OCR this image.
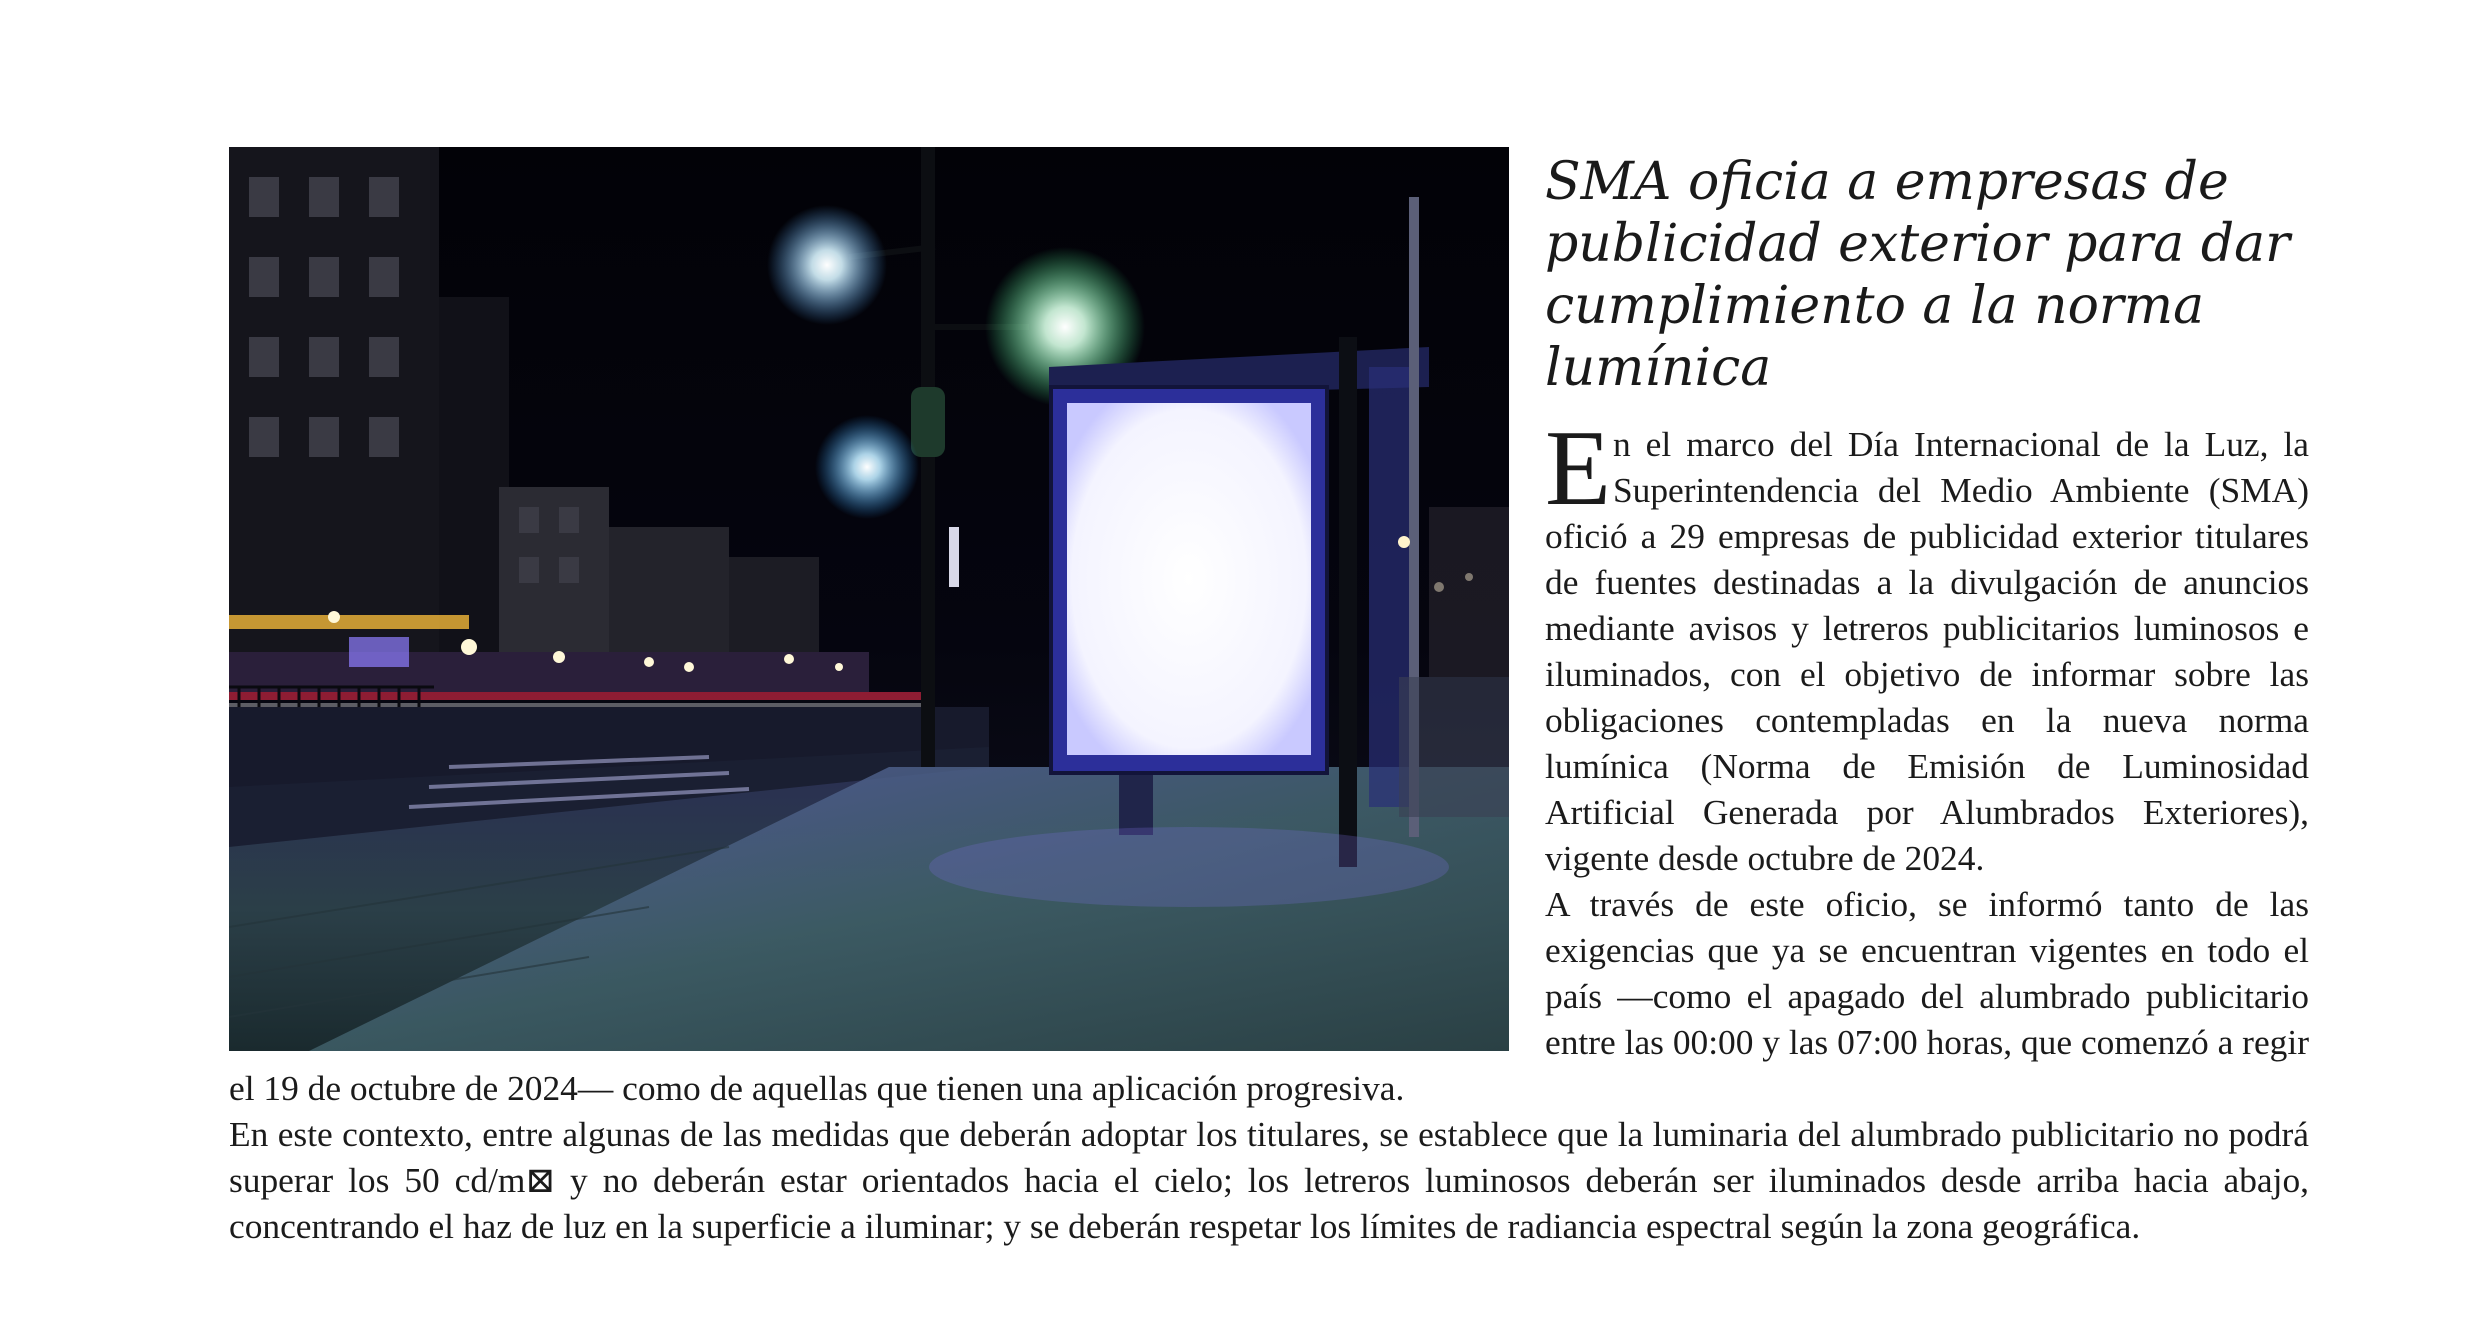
SMA oficia a empresas de publicidad exterior para dar cumplimiento a la norma lumínica

En el marco del Día Internacional de la Luz, la Superintendencia del Medio Ambiente (SMA) ofició a 29 empresas de publicidad exterior titulares de fuentes destinadas a la divulgación de anuncios mediante avisos y letreros publicitarios luminosos e iluminados, con el objetivo de informar sobre las obligaciones contempladas en la nueva norma lumínica (Norma de Emisión de Luminosidad Artificial Generada por Alumbrados Exteriores), vigente desde octubre de 2024.

A través de este oficio, se informó tanto de las exigencias que ya se encuentran vigentes en todo el país —como el apagado del alumbrado publicitario entre las 00:00 y las 07:00 horas, que comenzó a regir el 19 de octubre de 2024— como de aquellas que tienen una aplicación progresiva.

En este contexto, entre algunas de las medidas que deberán adoptar los titulares, se establece que la luminaria del alumbrado publicitario no podrá superar los 50 cd/m⊠ y no deberán estar orientados hacia el cielo; los letreros luminosos deberán ser iluminados desde arriba hacia abajo, concentrando el haz de luz en la superficie a iluminar; y se deberán respetar los límites de radiancia espectral según la zona geográfica.
